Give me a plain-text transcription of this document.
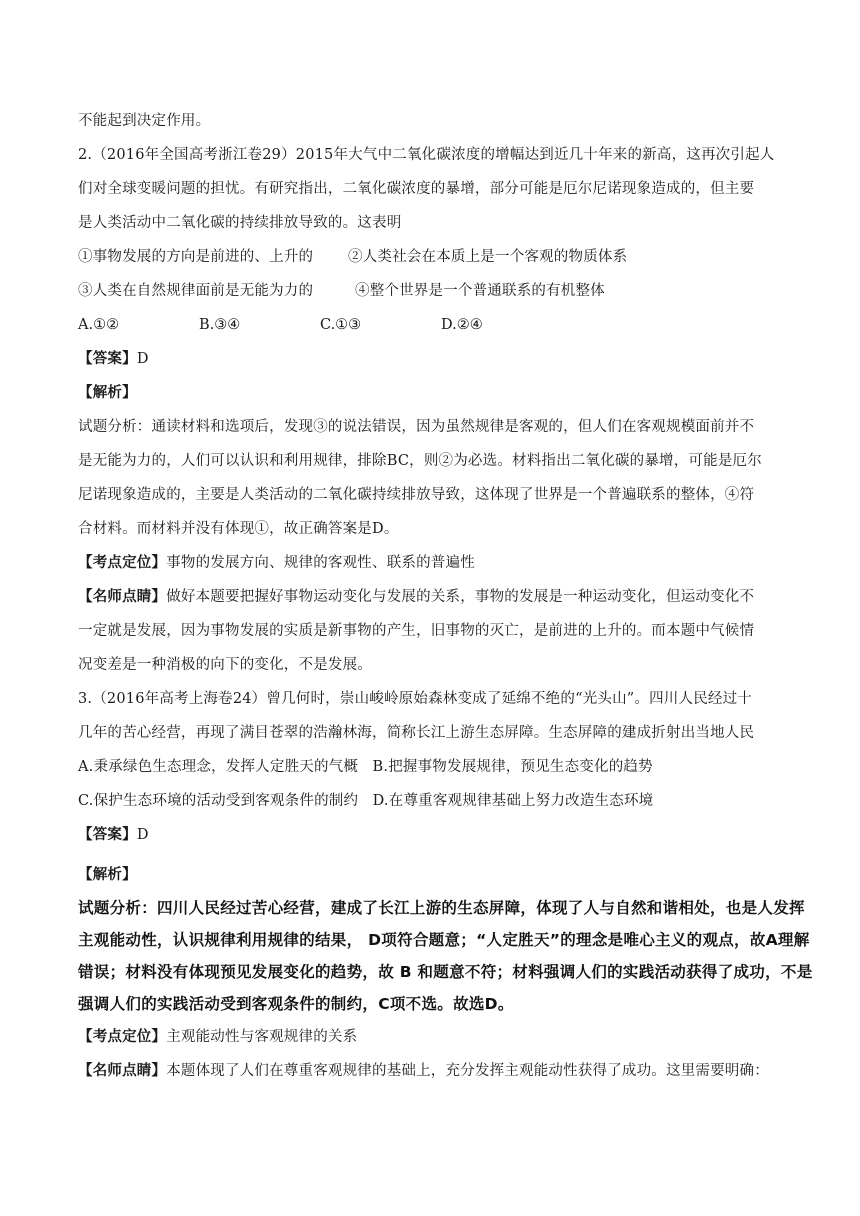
不能起到决定作用。
2.（2016年全国高考浙江卷29）2015年大气中二氧化碳浓度的增幅达到近几十年来的新高，这再次引起人
们对全球变暖问题的担忧。有研究指出，二氧化碳浓度的暴增，部分可能是厄尔尼诺现象造成的，但主要
是人类活动中二氧化碳的持续排放导致的。这表明
①事物发展的方向是前进的、上升的	②人类社会在本质上是一个客观的物质体系
③人类在自然规律面前是无能为力的	④整个世界是一个普通联系的有机整体
A.①②	B.③④	C.①③	D.②④
【答案】D
【解析】
试题分析：通读材料和选项后，发现③的说法错误，因为虽然规律是客观的，但人们在客观规模面前并不
是无能为力的，人们可以认识和利用规律，排除BC，则②为必选。材料指出二氧化碳的暴增，可能是厄尔
尼诺现象造成的，主要是人类活动的二氧化碳持续排放导致，这体现了世界是一个普遍联系的整体，④符
合材料。而材料并没有体现①，故正确答案是D。
【考点定位】事物的发展方向、规律的客观性、联系的普遍性
【名师点睛】做好本题要把握好事物运动变化与发展的关系，事物的发展是一种运动变化，但运动变化不
一定就是发展，因为事物发展的实质是新事物的产生，旧事物的灭亡，是前进的上升的。而本题中气候情
况变差是一种消极的向下的变化，不是发展。
3.（2016年高考上海卷24）曾几何时，崇山峻岭原始森林变成了延绵不绝的“光头山”。四川人民经过十
几年的苦心经营，再现了满目苍翠的浩瀚林海，简称长江上游生态屏障。生态屏障的建成折射出当地人民
A.秉承绿色生态理念，发挥人定胜天的气概 B.把握事物发展规律，预见生态变化的趋势
C.保护生态环境的活动受到客观条件的制约 D.在尊重客观规律基础上努力改造生态环境
【答案】D
【解析】
试题分析：四川人民经过苦心经营，建成了长江上游的生态屏障，体现了人与自然和谐相处，也是人发挥
主观能动性，认识规律利用规律的结果， D项符合题意；“人定胜天”的理念是唯心主义的观点，故A理解
错误；材料没有体现预见发展变化的趋势，故 B 和题意不符；材料强调人们的实践活动获得了成功，不是
强调人们的实践活动受到客观条件的制约，C项不选。故选D。
【考点定位】主观能动性与客观规律的关系
【名师点睛】本题体现了人们在尊重客观规律的基础上，充分发挥主观能动性获得了成功。这里需要明确：
